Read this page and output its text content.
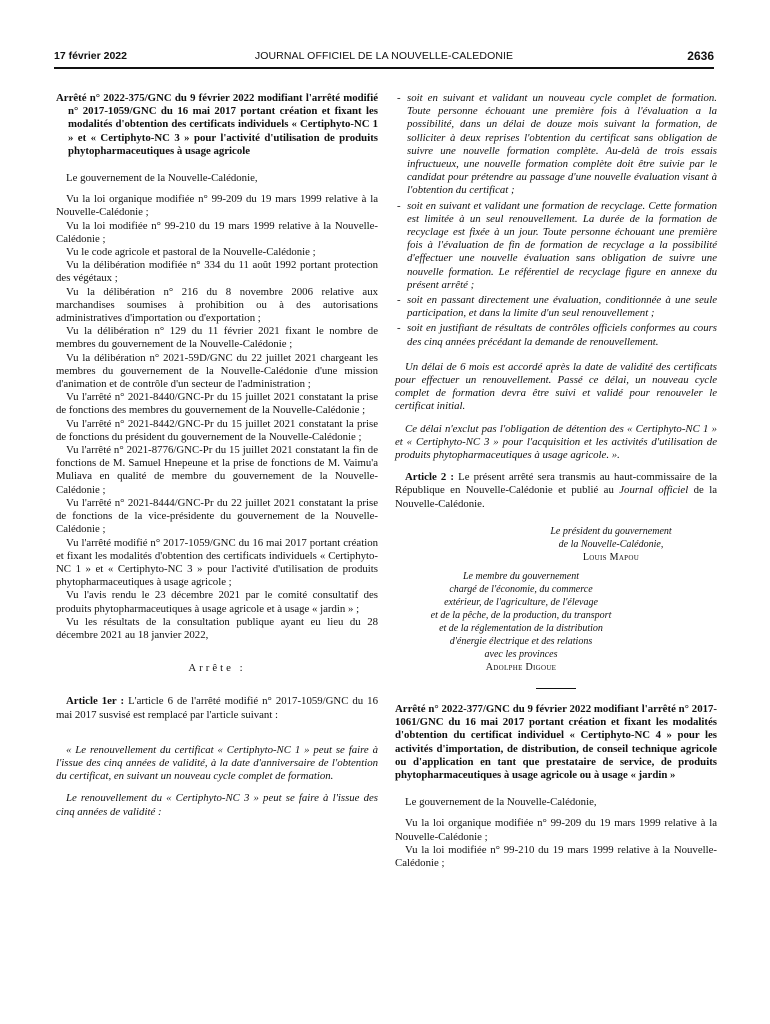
17 février 2022	JOURNAL OFFICIEL DE LA NOUVELLE-CALEDONIE	2636

Arrêté n° 2022-375/GNC du 9 février 2022 modifiant l'arrêté modifié n° 2017-1059/GNC du 16 mai 2017 portant création et fixant les modalités d'obtention des certificats individuels « Certiphyto-NC 1 » et « Certiphyto-NC 3 » pour l'activité d'utilisation de produits phytopharmaceutiques à usage agricole

Le gouvernement de la Nouvelle-Calédonie,

Vu la loi organique modifiée n° 99-209 du 19 mars 1999 relative à la Nouvelle-Calédonie ;

Vu la loi modifiée n° 99-210 du 19 mars 1999 relative à la Nouvelle-Calédonie ;

Vu le code agricole et pastoral de la Nouvelle-Calédonie ;

Vu la délibération modifiée n° 334 du 11 août 1992 portant protection des végétaux ;

Vu la délibération n° 216 du 8 novembre 2006 relative aux marchandises soumises à prohibition ou à des autorisations administratives d'importation ou d'exportation ;

Vu la délibération n° 129 du 11 février 2021 fixant le nombre de membres du gouvernement de la Nouvelle-Calédonie ;

Vu la délibération n° 2021-59D/GNC du 22 juillet 2021 chargeant les membres du gouvernement de la Nouvelle-Calédonie d'une mission d'animation et de contrôle d'un secteur de l'administration ;

Vu l'arrêté n° 2021-8440/GNC-Pr du 15 juillet 2021 constatant la prise de fonctions des membres du gouvernement de la Nouvelle-Calédonie ;

Vu l'arrêté n° 2021-8442/GNC-Pr du 15 juillet 2021 constatant la prise de fonctions du président du gouvernement de la Nouvelle-Calédonie ;

Vu l'arrêté n° 2021-8776/GNC-Pr du 15 juillet 2021 constatant la fin de fonctions de M. Samuel Hnepeune et la prise de fonctions de M. Vaimu'a Muliava en qualité de membre du gouvernement de la Nouvelle-Calédonie ;

Vu l'arrêté n° 2021-8444/GNC-Pr du 22 juillet 2021 constatant la prise de fonctions de la vice-présidente du gouvernement de la Nouvelle-Calédonie ;

Vu l'arrêté modifié n° 2017-1059/GNC du 16 mai 2017 portant création et fixant les modalités d'obtention des certificats individuels « Certiphyto-NC 1 » et « Certiphyto-NC 3 » pour l'activité d'utilisation de produits phytopharmaceutiques à usage agricole ;

Vu l'avis rendu le 23 décembre 2021 par le comité consultatif des produits phytopharmaceutiques à usage agricole et à usage « jardin » ;

Vu les résultats de la consultation publique ayant eu lieu du 28 décembre 2021 au 18 janvier 2022,

Arrête :

Article 1er : L'article 6 de l'arrêté modifié n° 2017-1059/GNC du 16 mai 2017 susvisé est remplacé par l'article suivant :

« Le renouvellement du certificat « Certiphyto-NC 1 » peut se faire à l'issue des cinq années de validité, à la date d'anniversaire de l'obtention du certificat, en suivant un nouveau cycle complet de formation.

Le renouvellement du « Certiphyto-NC 3 » peut se faire à l'issue des cinq années de validité :

- soit en suivant et validant un nouveau cycle complet de formation. Toute personne échouant une première fois à l'évaluation a la possibilité, dans un délai de douze mois suivant la formation, de solliciter à deux reprises l'obtention du certificat sans obligation de suivre une nouvelle formation complète. Au-delà de trois essais infructueux, une nouvelle formation complète doit être suivie par le candidat pour prétendre au passage d'une nouvelle évaluation visant à l'obtention du certificat ;
- soit en suivant et validant une formation de recyclage. Cette formation est limitée à un seul renouvellement. La durée de la formation de recyclage est fixée à un jour. Toute personne échouant une première fois à l'évaluation de fin de formation de recyclage a la possibilité d'effectuer une nouvelle évaluation sans obligation de suivre une nouvelle formation. Le référentiel de recyclage figure en annexe du présent arrêté ;
- soit en passant directement une évaluation, conditionnée à une seule participation, et dans la limite d'un seul renouvellement ;
- soit en justifiant de résultats de contrôles officiels conformes au cours des cinq années précédant la demande de renouvellement.

Un délai de 6 mois est accordé après la date de validité des certificats pour effectuer un renouvellement. Passé ce délai, un nouveau cycle complet de formation devra être suivi et validé pour renouveler le certificat initial.

Ce délai n'exclut pas l'obligation de détention des « Certiphyto-NC 1 » et « Certiphyto-NC 3 » pour l'acquisition et les activités d'utilisation de produits phytopharmaceutiques à usage agricole. ».

Article 2 : Le présent arrêté sera transmis au haut-commissaire de la République en Nouvelle-Calédonie et publié au Journal officiel de la Nouvelle-Calédonie.

Le président du gouvernement
de la Nouvelle-Calédonie,
Louis Mapou
Le membre du gouvernement
chargé de l'économie, du commerce
extérieur, de l'agriculture, de l'élevage
et de la pêche, de la production, du transport
et de la réglementation de la distribution
d'énergie électrique et des relations
avec les provinces
Adolphe Digoue

Arrêté n° 2022-377/GNC du 9 février 2022 modifiant l'arrêté n° 2017-1061/GNC du 16 mai 2017 portant création et fixant les modalités d'obtention du certificat individuel « Certiphyto-NC 4 » pour les activités d'importation, de distribution, de conseil technique agricole ou d'application en tant que prestataire de service, de produits phytopharmaceutiques à usage agricole ou à usage « jardin »

Le gouvernement de la Nouvelle-Calédonie,

Vu la loi organique modifiée n° 99-209 du 19 mars 1999 relative à la Nouvelle-Calédonie ;

Vu la loi modifiée n° 99-210 du 19 mars 1999 relative à la Nouvelle-Calédonie ;
